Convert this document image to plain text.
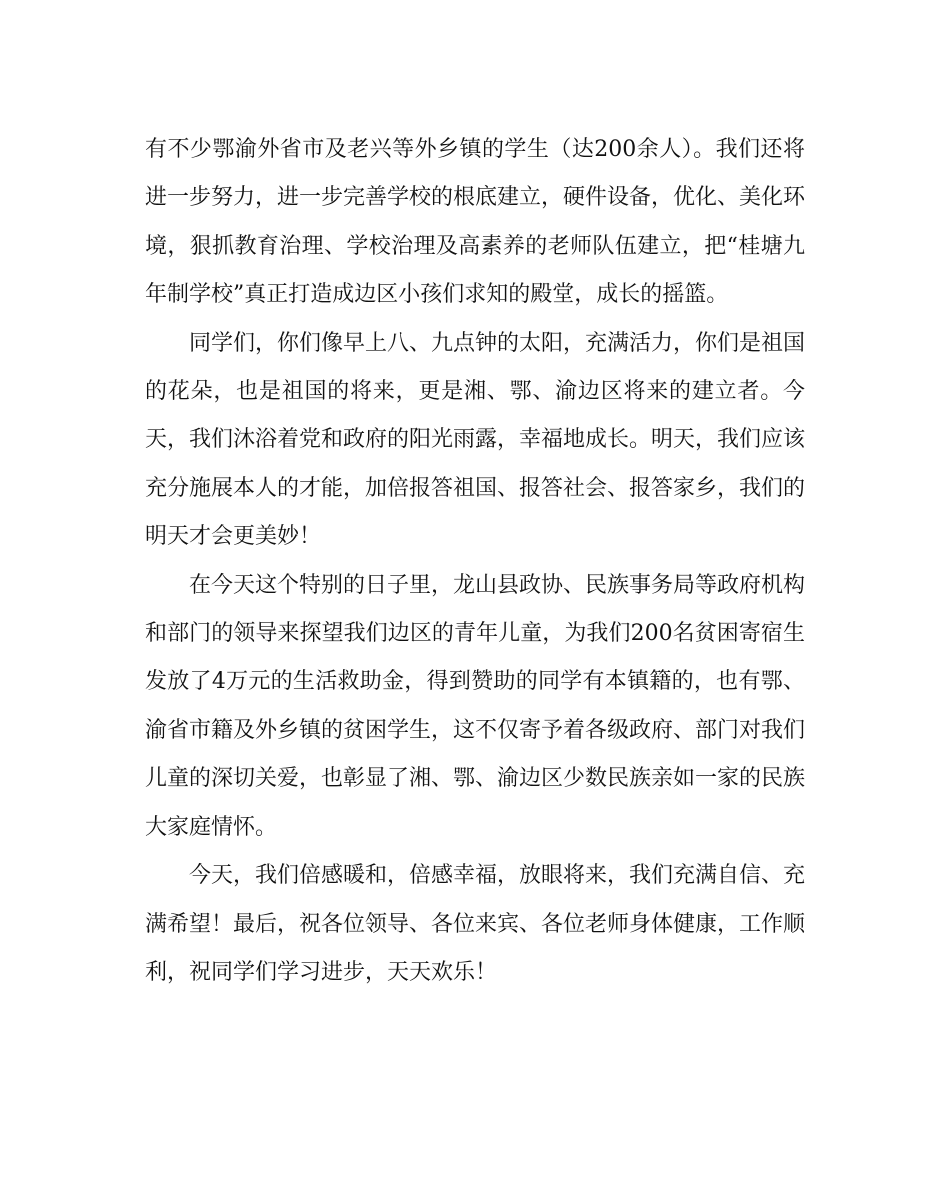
有不少鄂渝外省市及老兴等外乡镇的学生（达200余人）。我们还将进一步努力，进一步完善学校的根底建立，硬件设备，优化、美化环境，狠抓教育治理、学校治理及高素养的老师队伍建立，把“桂塘九年制学校”真正打造成边区小孩们求知的殿堂，成长的摇篮。

同学们，你们像早上八、九点钟的太阳，充满活力，你们是祖国的花朵，也是祖国的将来，更是湘、鄂、渝边区将来的建立者。今天，我们沐浴着党和政府的阳光雨露，幸福地成长。明天，我们应该充分施展本人的才能，加倍报答祖国、报答社会、报答家乡，我们的明天才会更美妙！

在今天这个特别的日子里，龙山县政协、民族事务局等政府机构和部门的领导来探望我们边区的青年儿童，为我们200名贫困寄宿生发放了4万元的生活救助金，得到赞助的同学有本镇籍的，也有鄂、渝省市籍及外乡镇的贫困学生，这不仅寄予着各级政府、部门对我们儿童的深切关爱，也彰显了湘、鄂、渝边区少数民族亲如一家的民族大家庭情怀。

今天，我们倍感暖和，倍感幸福，放眼将来，我们充满自信、充满希望！最后，祝各位领导、各位来宾、各位老师身体健康，工作顺利，祝同学们学习进步，天天欢乐！
